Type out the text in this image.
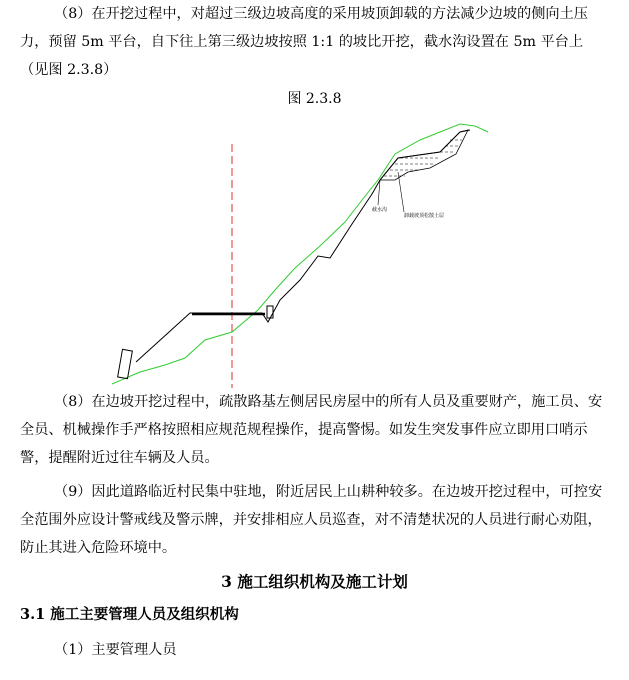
（8）在开挖过程中，对超过三级边坡高度的采用坡顶卸载的方法减少边坡的侧向土压力，预留 5m 平台，自下往上第三级边坡按照 1:1 的坡比开挖，截水沟设置在 5m 平台上（见图 2.3.8）

图 2.3.8

截水沟
卸载坡顶松散土层

（8）在边坡开挖过程中，疏散路基左侧居民房屋中的所有人员及重要财产，施工员、安全员、机械操作手严格按照相应规范规程操作，提高警惕。如发生突发事件应立即用口哨示警，提醒附近过往车辆及人员。

（9）因此道路临近村民集中驻地，附近居民上山耕种较多。在边坡开挖过程中，可控安全范围外应设计警戒线及警示牌，并安排相应人员巡查，对不清楚状况的人员进行耐心劝阻，防止其进入危险环境中。

3 施工组织机构及施工计划

3.1 施工主要管理人员及组织机构

（1）主要管理人员
